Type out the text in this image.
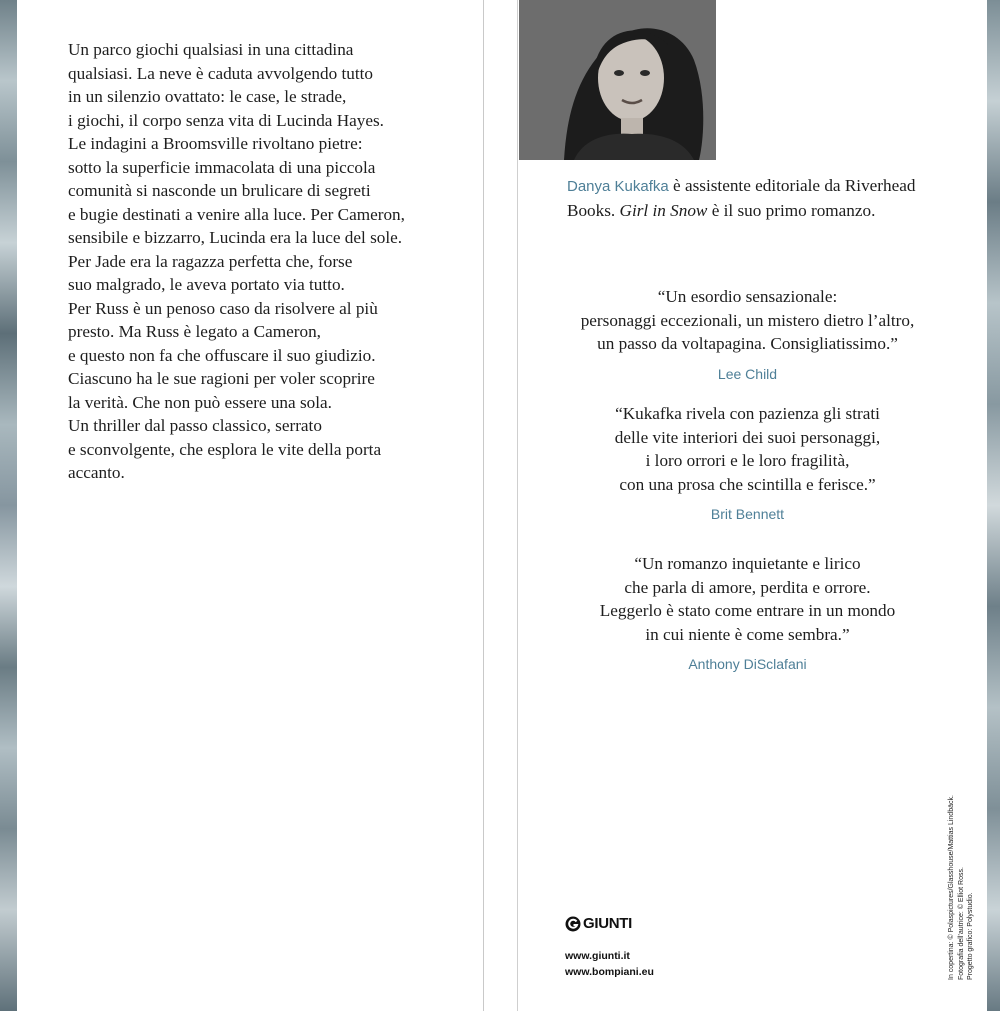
Un parco giochi qualsiasi in una cittadina
qualsiasi. La neve è caduta avvolgendo tutto
in un silenzio ovattato: le case, le strade,
i giochi, il corpo senza vita di Lucinda Hayes.
Le indagini a Broomsville rivoltano pietre:
sotto la superficie immacolata di una piccola
comunità si nasconde un brulicare di segreti
e bugie destinati a venire alla luce. Per Cameron,
sensibile e bizzarro, Lucinda era la luce del sole.
Per Jade era la ragazza perfetta che, forse
suo malgrado, le aveva portato via tutto.
Per Russ è un penoso caso da risolvere al più
presto. Ma Russ è legato a Cameron,
e questo non fa che offuscare il suo giudizio.
Ciascuno ha le sue ragioni per voler scoprire
la verità. Che non può essere una sola.
Un thriller dal passo classico, serrato
e sconvolgente, che esplora le vite della porta
accanto.
Danya Kukafka è assistente editoriale da Riverhead
Books. Girl in Snow è il suo primo romanzo.
“Un esordio sensazionale:
personaggi eccezionali, un mistero dietro l’altro,
un passo da voltapagina. Consigliatissimo.”
Lee Child
“Kukafka rivela con pazienza gli strati
delle vite interiori dei suoi personaggi,
i loro orrori e le loro fragilità,
con una prosa che scintilla e ferisce.”
Brit Bennett
“Un romanzo inquietante e lirico
che parla di amore, perdita e orrore.
Leggerlo è stato come entrare in un mondo
in cui niente è come sembra.”
Anthony DiSclafani
GIUNTI
www.giunti.it
www.bompiani.eu	In copertina: © Polaspictures/Glasshouse/Mattias Lindbäck. Fotografia dell’autrice: © Elliot Ross. Progetto grafico: Polystudio.
